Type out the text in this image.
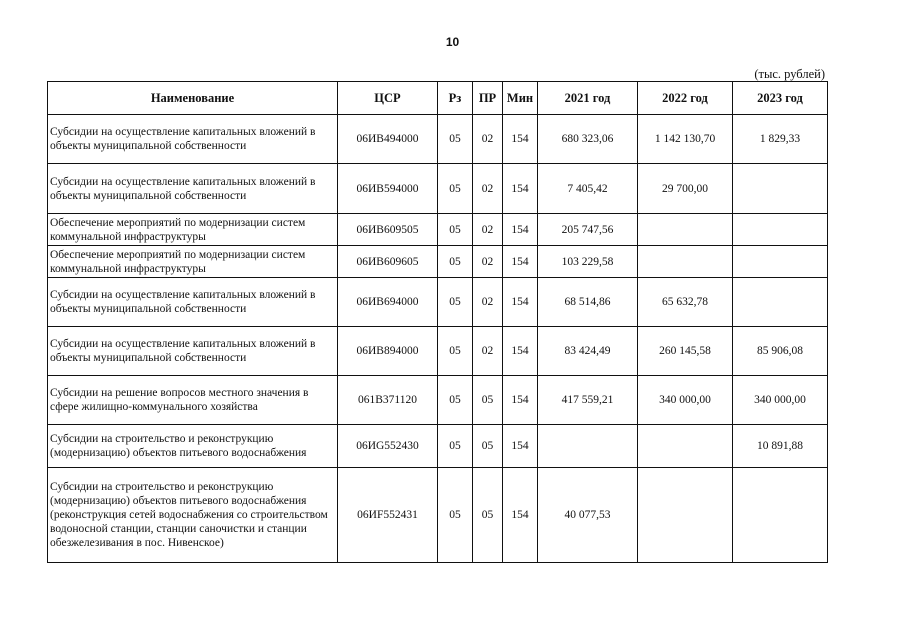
10
(тыс. рублей)
Наименование	ЦСР	Рз	ПР	Мин	2021 год	2022 год	2023 год
Субсидии на осуществление капитальных вложений в объекты муниципальной собственности	06ИВ494000	05	02	154	680 323,06	1 142 130,70	1 829,33
Субсидии на осуществление капитальных вложений в объекты муниципальной собственности	06ИВ594000	05	02	154	7 405,42	29 700,00	
Обеспечение мероприятий по модернизации систем коммунальной инфраструктуры	06ИВ609505	05	02	154	205 747,56		
Обеспечение мероприятий по модернизации систем коммунальной инфраструктуры	06ИВ609605	05	02	154	103 229,58		
Субсидии на осуществление капитальных вложений в объекты муниципальной собственности	06ИВ694000	05	02	154	68 514,86	65 632,78	
Субсидии на осуществление капитальных вложений в объекты муниципальной собственности	06ИВ894000	05	02	154	83 424,49	260 145,58	85 906,08
Субсидии на решение вопросов местного значения в сфере жилищно-коммунального хозяйства	061В371120	05	05	154	417 559,21	340 000,00	340 000,00
Субсидии на строительство и реконструкцию (модернизацию) объектов питьевого водоснабжения	06ИG552430	05	05	154			10 891,88
Субсидии на строительство и реконструкцию (модернизацию) объектов питьевого водоснабжения (реконструкция сетей водоснабжения со строительством водоносной станции, станции саночистки и станции обезжелезивания в пос. Нивенское)	06ИF552431	05	05	154	40 077,53		
